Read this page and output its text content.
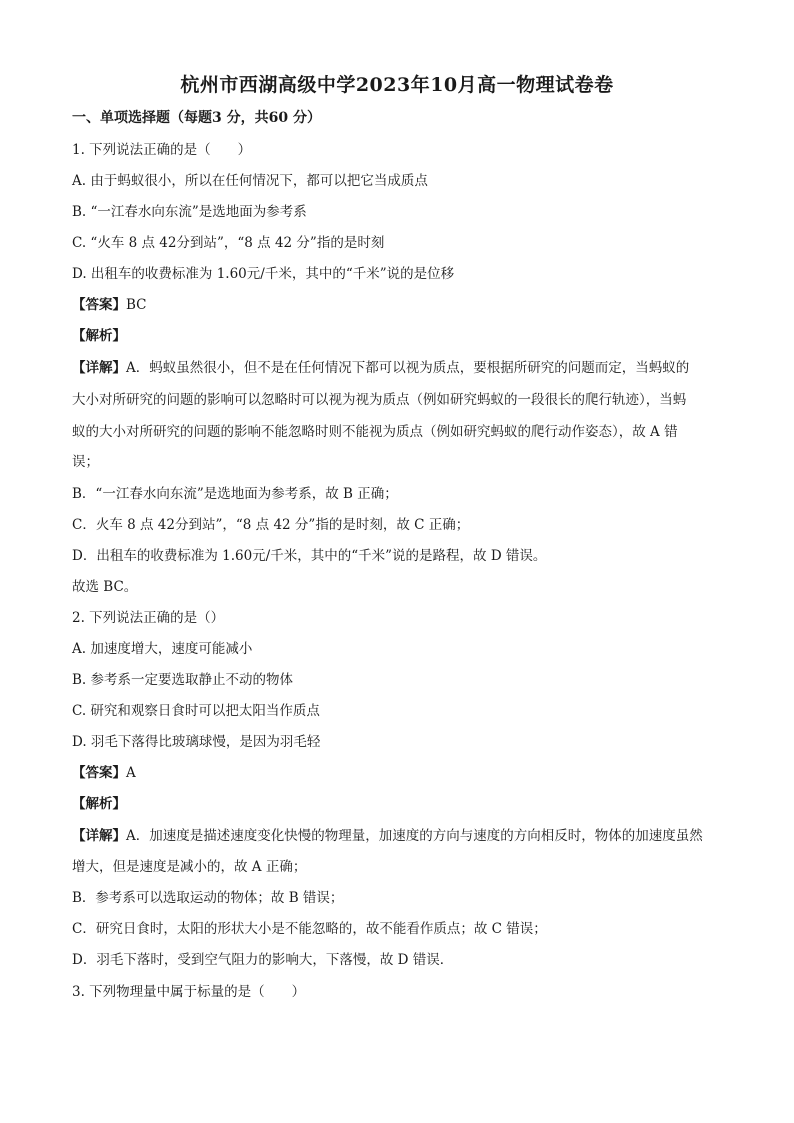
杭州市西湖高级中学2023年10月高一物理试卷卷
一、单项选择题（每题3 分，共60 分）
1. 下列说法正确的是（　　）
A. 由于蚂蚁很小，所以在任何情况下，都可以把它当成质点
B. “一江春水向东流”是选地面为参考系
C. “火车 8 点 42分到站”，“8 点 42 分”指的是时刻
D. 出租车的收费标准为 1.60元/千米，其中的“千米”说的是位移
【答案】BC
【解析】
【详解】A．蚂蚁虽然很小，但不是在任何情况下都可以视为质点，要根据所研究的问题而定，当蚂蚁的
大小对所研究的问题的影响可以忽略时可以视为视为质点（例如研究蚂蚁的一段很长的爬行轨迹），当蚂
蚁的大小对所研究的问题的影响不能忽略时则不能视为质点（例如研究蚂蚁的爬行动作姿态），故 A 错
误；
B．“一江春水向东流”是选地面为参考系，故 B 正确；
C．火车 8 点 42分到站”，“8 点 42 分”指的是时刻，故 C 正确；
D．出租车的收费标准为 1.60元/千米，其中的“千米”说的是路程，故 D 错误。
故选 BC。
2. 下列说法正确的是（）
A. 加速度增大，速度可能减小
B. 参考系一定要选取静止不动的物体
C. 研究和观察日食时可以把太阳当作质点
D. 羽毛下落得比玻璃球慢，是因为羽毛轻
【答案】A
【解析】
【详解】A．加速度是描述速度变化快慢的物理量，加速度的方向与速度的方向相反时，物体的加速度虽然
增大，但是速度是减小的，故 A 正确；
B．参考系可以选取运动的物体；故 B 错误；
C．研究日食时，太阳的形状大小是不能忽略的，故不能看作质点；故 C 错误；
D．羽毛下落时，受到空气阻力的影响大，下落慢，故 D 错误．
3. 下列物理量中属于标量的是（　　）
